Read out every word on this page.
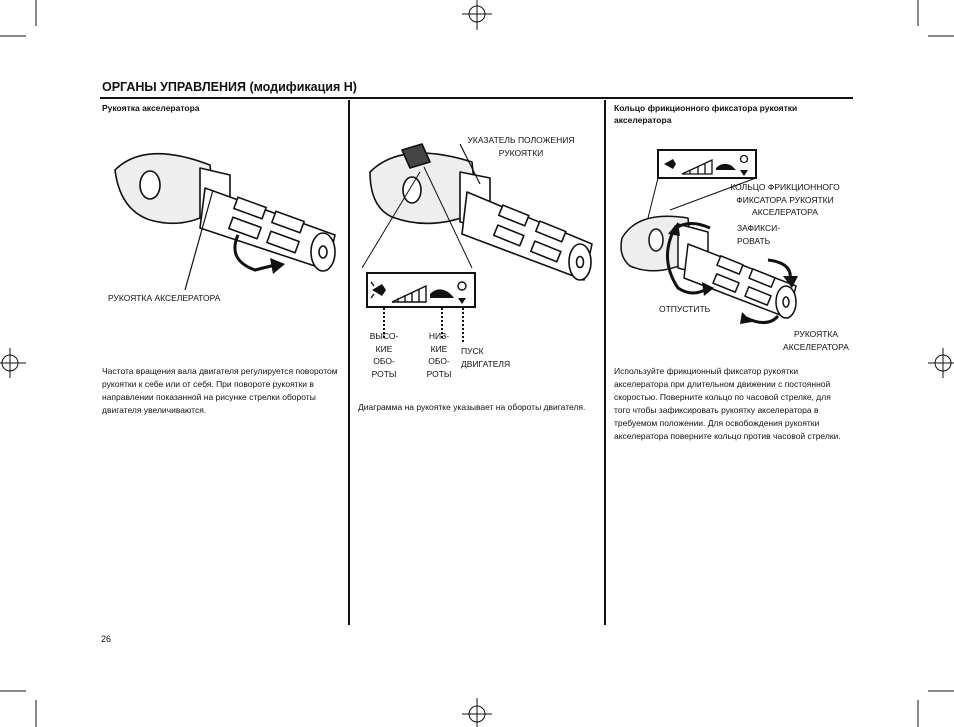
ОРГАНЫ УПРАВЛЕНИЯ (модификация H)
Рукоятка акселератора
РУКОЯТКА АКСЕЛЕРАТОРА
Частота вращения вала двигателя регулируется поворотом рукоятки к себе или от себя. При повороте рукоятки в направлении показанной на рисунке стрелки обороты двигателя увеличиваются.
УКАЗАТЕЛЬ ПОЛОЖЕНИЯ
РУКОЯТКИ
ВЫСО-
КИЕ
ОБО-
РОТЫ
НИЗ-
КИЕ
ОБО-
РОТЫ
ПУСК
ДВИГАТЕЛЯ
Диаграмма на рукоятке указывает на обороты двигателя.
Кольцо фрикционного фиксатора рукоятки акселератора
КОЛЬЦО ФРИКЦИОННОГО
ФИКСАТОРА РУКОЯТКИ
АКСЕЛЕРАТОРА
ЗАФИКСИ-
РОВАТЬ
ОТПУСТИТЬ
РУКОЯТКА
АКСЕЛЕРАТОРА
Используйте фрикционный фиксатор рукоятки акселератора при длительном движении с постоянной скоростью. Поверните кольцо по часовой стрелке, для того чтобы зафиксировать рукоятку акселератора в требуемом положении. Для освобождения рукоятки акселератора поверните кольцо против часовой стрелки.
26
